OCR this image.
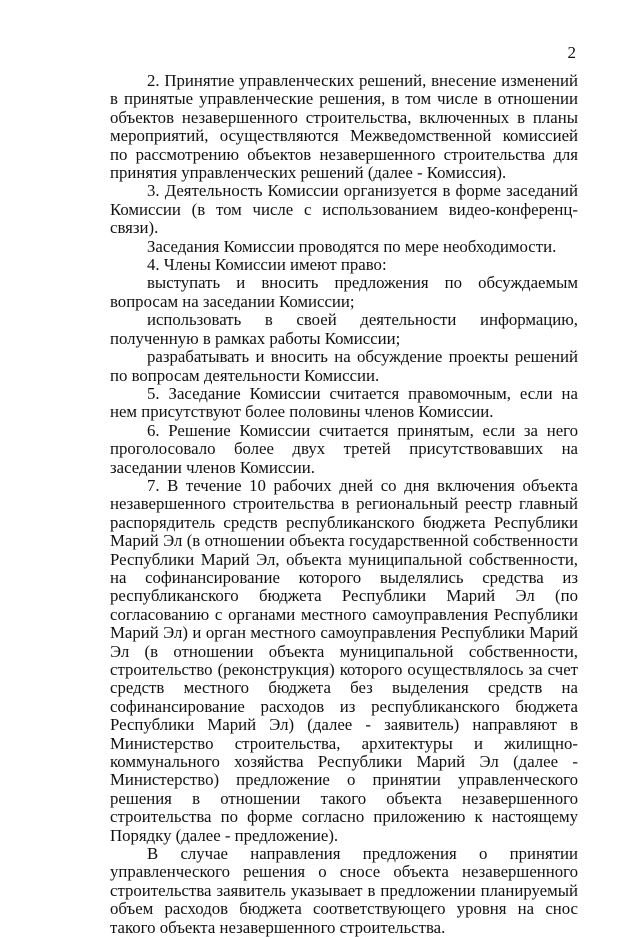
2

2. Принятие управленческих решений, внесение изменений в принятые управленческие решения, в том числе в отношении объектов незавершенного строительства, включенных в планы мероприятий, осуществляются Межведомственной комиссией по рассмотрению объектов незавершенного строительства для принятия управленческих решений (далее - Комиссия).

3. Деятельность Комиссии организуется в форме заседаний Комиссии (в том числе с использованием видео-конференц-связи).

Заседания Комиссии проводятся по мере необходимости.

4. Члены Комиссии имеют право:

выступать и вносить предложения по обсуждаемым вопросам на заседании Комиссии;

использовать в своей деятельности информацию, полученную в рамках работы Комиссии;

разрабатывать и вносить на обсуждение проекты решений по вопросам деятельности Комиссии.

5. Заседание Комиссии считается правомочным, если на нем присутствуют более половины членов Комиссии.

6. Решение Комиссии считается принятым, если за него проголосовало более двух третей присутствовавших на заседании членов Комиссии.

7. В течение 10 рабочих дней со дня включения объекта незавершенного строительства в региональный реестр главный распорядитель средств республиканского бюджета Республики Марий Эл (в отношении объекта государственной собственности Республики Марий Эл, объекта муниципальной собственности, на софинансирование которого выделялись средства из республиканского бюджета Республики Марий Эл (по согласованию с органами местного самоуправления Республики Марий Эл) и орган местного самоуправления Республики Марий Эл (в отношении объекта муниципальной собственности, строительство (реконструкция) которого осуществлялось за счет средств местного бюджета без выделения средств на софинансирование расходов из республиканского бюджета Республики Марий Эл) (далее - заявитель) направляют в Министерство строительства, архитектуры и жилищно-коммунального хозяйства Республики Марий Эл (далее - Министерство) предложение о принятии управленческого решения в отношении такого объекта незавершенного строительства по форме согласно приложению к настоящему Порядку (далее - предложение).

В случае направления предложения о принятии управленческого решения о сносе объекта незавершенного строительства заявитель указывает в предложении планируемый объем расходов бюджета соответствующего уровня на снос такого объекта незавершенного строительства.
